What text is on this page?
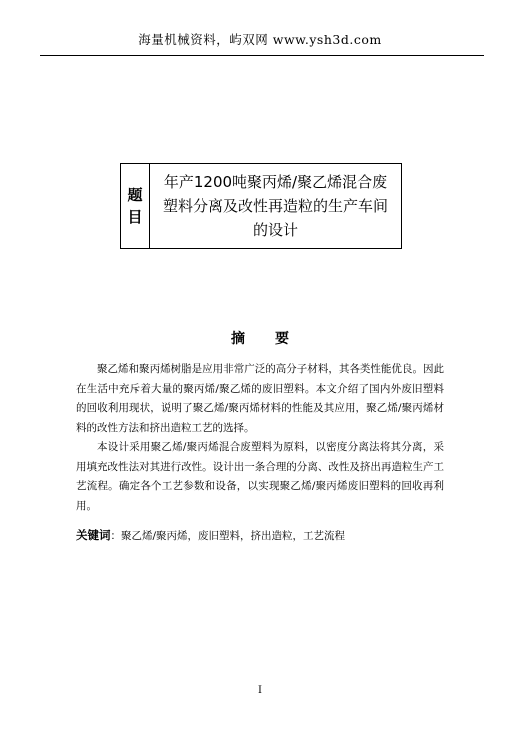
海量机械资料，屿双网 www.ysh3d.com
题
目
年产1200吨聚丙烯/聚乙烯混合废
塑料分离及改性再造粒的生产车间
的设计
摘 要

聚乙烯和聚丙烯树脂是应用非常广泛的高分子材料，其各类性能优良。因此在生活中充斥着大量的聚丙烯/聚乙烯的废旧塑料。本文介绍了国内外废旧塑料的回收利用现状，说明了聚乙烯/聚丙烯材料的性能及其应用，聚乙烯/聚丙烯材料的改性方法和挤出造粒工艺的选择。

本设计采用聚乙烯/聚丙烯混合废塑料为原料，以密度分离法将其分离，采用填充改性法对其进行改性。设计出一条合理的分离、改性及挤出再造粒生产工艺流程。确定各个工艺参数和设备，以实现聚乙烯/聚丙烯废旧塑料的回收再利用。

关键词：聚乙烯/聚丙烯，废旧塑料，挤出造粒，工艺流程
I
